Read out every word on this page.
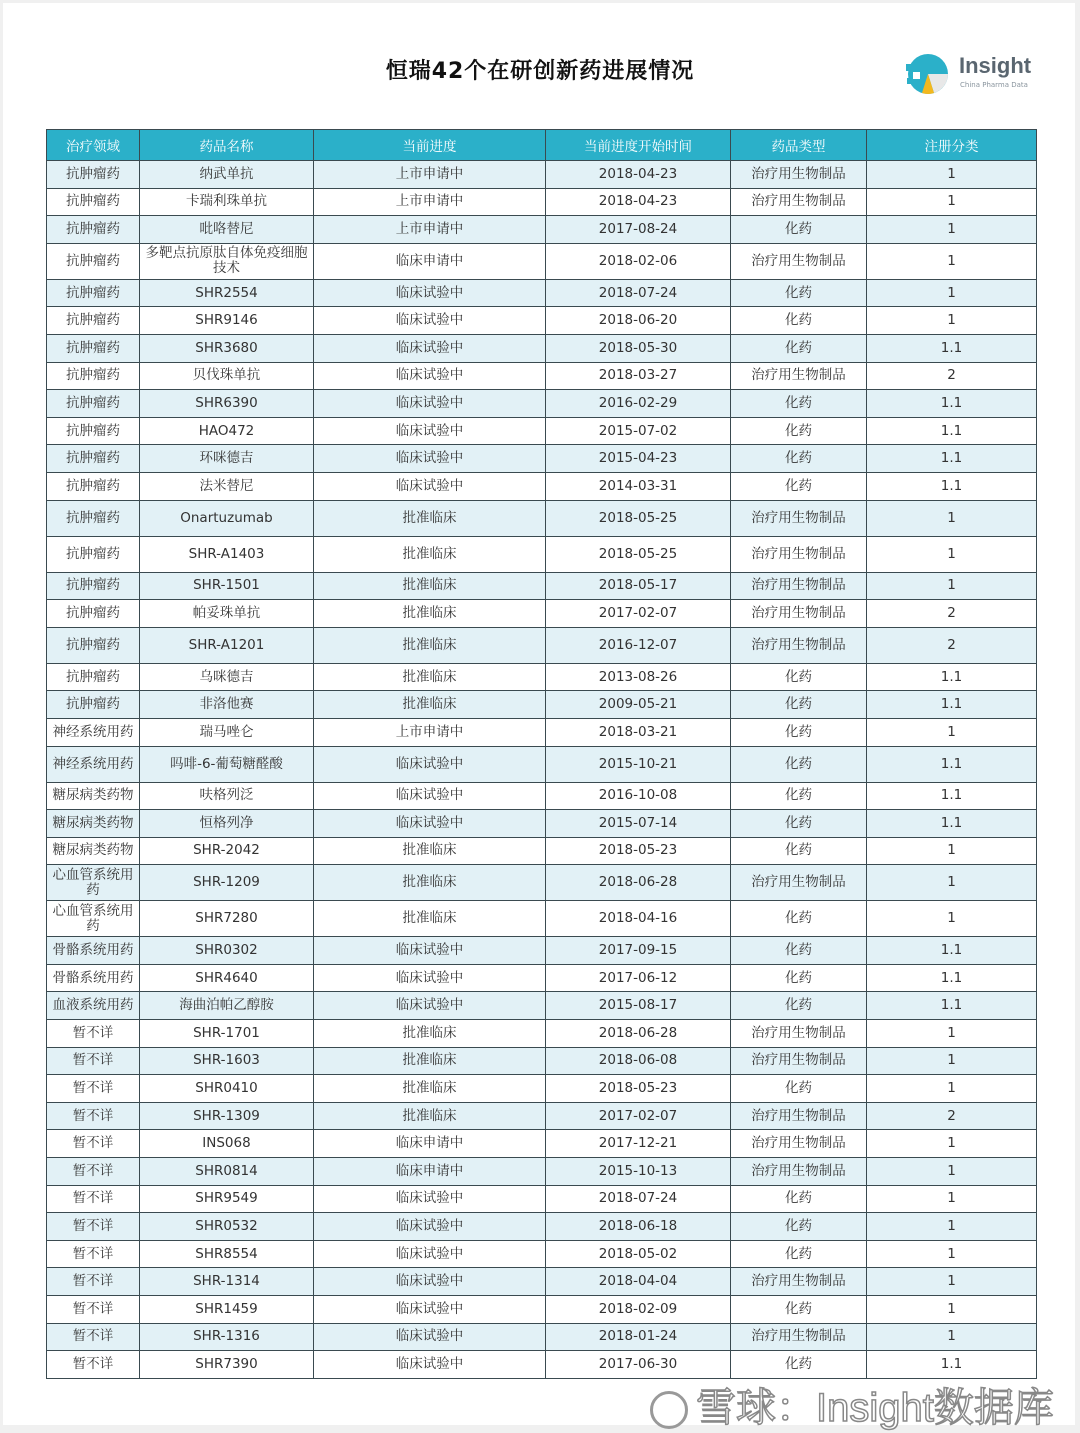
恒瑞42个在研创新药进展情况	Insight
China Pharma Data
治疗领域	药品名称	当前进度	当前进度开始时间	药品类型	注册分类
抗肿瘤药	纳武单抗	上市申请中	2018-04-23	治疗用生物制品	1
抗肿瘤药	卡瑞利珠单抗	上市申请中	2018-04-23	治疗用生物制品	1
抗肿瘤药	吡咯替尼	上市申请中	2017-08-24	化药	1
抗肿瘤药	多靶点抗原肽自体免疫细胞技术	临床申请中	2018-02-06	治疗用生物制品	1
抗肿瘤药	SHR2554	临床试验中	2018-07-24	化药	1
抗肿瘤药	SHR9146	临床试验中	2018-06-20	化药	1
抗肿瘤药	SHR3680	临床试验中	2018-05-30	化药	1.1
抗肿瘤药	贝伐珠单抗	临床试验中	2018-03-27	治疗用生物制品	2
抗肿瘤药	SHR6390	临床试验中	2016-02-29	化药	1.1
抗肿瘤药	HAO472	临床试验中	2015-07-02	化药	1.1
抗肿瘤药	环咪德吉	临床试验中	2015-04-23	化药	1.1
抗肿瘤药	法米替尼	临床试验中	2014-03-31	化药	1.1
抗肿瘤药	Onartuzumab	批准临床	2018-05-25	治疗用生物制品	1
抗肿瘤药	SHR-A1403	批准临床	2018-05-25	治疗用生物制品	1
抗肿瘤药	SHR-1501	批准临床	2018-05-17	治疗用生物制品	1
抗肿瘤药	帕妥珠单抗	批准临床	2017-02-07	治疗用生物制品	2
抗肿瘤药	SHR-A1201	批准临床	2016-12-07	治疗用生物制品	2
抗肿瘤药	乌咪德吉	批准临床	2013-08-26	化药	1.1
抗肿瘤药	非洛他赛	批准临床	2009-05-21	化药	1.1
神经系统用药	瑞马唑仑	上市申请中	2018-03-21	化药	1
神经系统用药	吗啡-6-葡萄糖醛酸	临床试验中	2015-10-21	化药	1.1
糖尿病类药物	呋格列泛	临床试验中	2016-10-08	化药	1.1
糖尿病类药物	恒格列净	临床试验中	2015-07-14	化药	1.1
糖尿病类药物	SHR-2042	批准临床	2018-05-23	化药	1
心血管系统用药	SHR-1209	批准临床	2018-06-28	治疗用生物制品	1
心血管系统用药	SHR7280	批准临床	2018-04-16	化药	1
骨骼系统用药	SHR0302	临床试验中	2017-09-15	化药	1.1
骨骼系统用药	SHR4640	临床试验中	2017-06-12	化药	1.1
血液系统用药	海曲泊帕乙醇胺	临床试验中	2015-08-17	化药	1.1
暂不详	SHR-1701	批准临床	2018-06-28	治疗用生物制品	1
暂不详	SHR-1603	批准临床	2018-06-08	治疗用生物制品	1
暂不详	SHR0410	批准临床	2018-05-23	化药	1
暂不详	SHR-1309	批准临床	2017-02-07	治疗用生物制品	2
暂不详	INS068	临床申请中	2017-12-21	治疗用生物制品	1
暂不详	SHR0814	临床申请中	2015-10-13	治疗用生物制品	1
暂不详	SHR9549	临床试验中	2018-07-24	化药	1
暂不详	SHR0532	临床试验中	2018-06-18	化药	1
暂不详	SHR8554	临床试验中	2018-05-02	化药	1
暂不详	SHR-1314	临床试验中	2018-04-04	治疗用生物制品	1
暂不详	SHR1459	临床试验中	2018-02-09	化药	1
暂不详	SHR-1316	临床试验中	2018-01-24	治疗用生物制品	1
暂不详	SHR7390	临床试验中	2017-06-30	化药	1.1
雪球：Insight数据库
